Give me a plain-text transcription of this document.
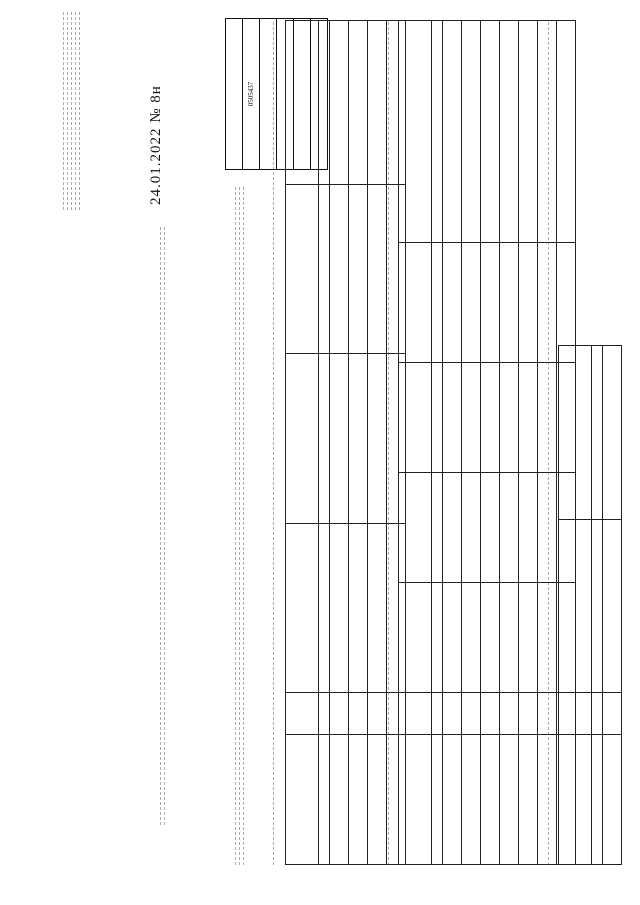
24.01.2022 № 8н	0505437
